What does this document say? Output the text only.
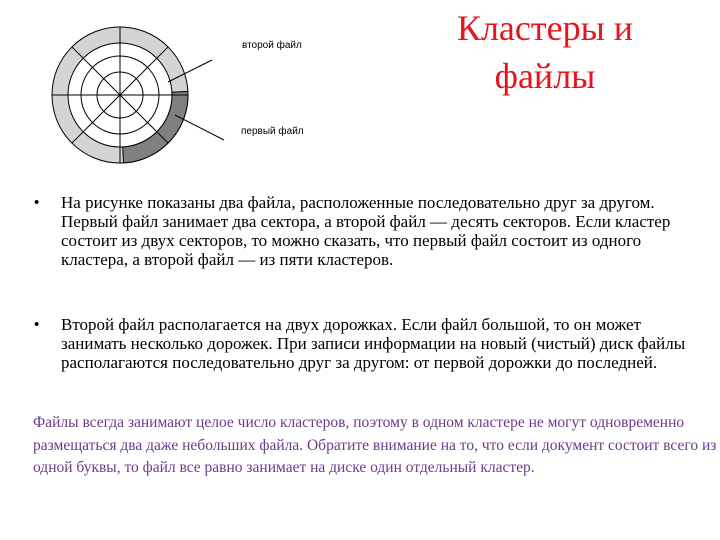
второй файл
первый файл
Кластеры и
файлы
• На рисунке показаны два файла, расположенные последовательно друг за другом. Первый файл занимает два сектора, а второй файл — десять секторов. Если кластер состоит из двух секторов, то можно сказать, что первый файл состоит из одного кластера, а второй файл — из пяти кластеров.
• Второй файл располагается на двух дорожках. Если файл большой, то он может занимать несколько дорожек. При записи информации на новый (чистый) диск файлы располагаются последовательно друг за другом: от первой дорожки до последней.
Файлы всегда занимают целое число кластеров, поэтому в одном кластере не могут одновременно размещаться два даже небольших файла. Обратите внимание на то, что если документ состоит всего из одной буквы, то файл все равно занимает на диске один отдельный кластер.
